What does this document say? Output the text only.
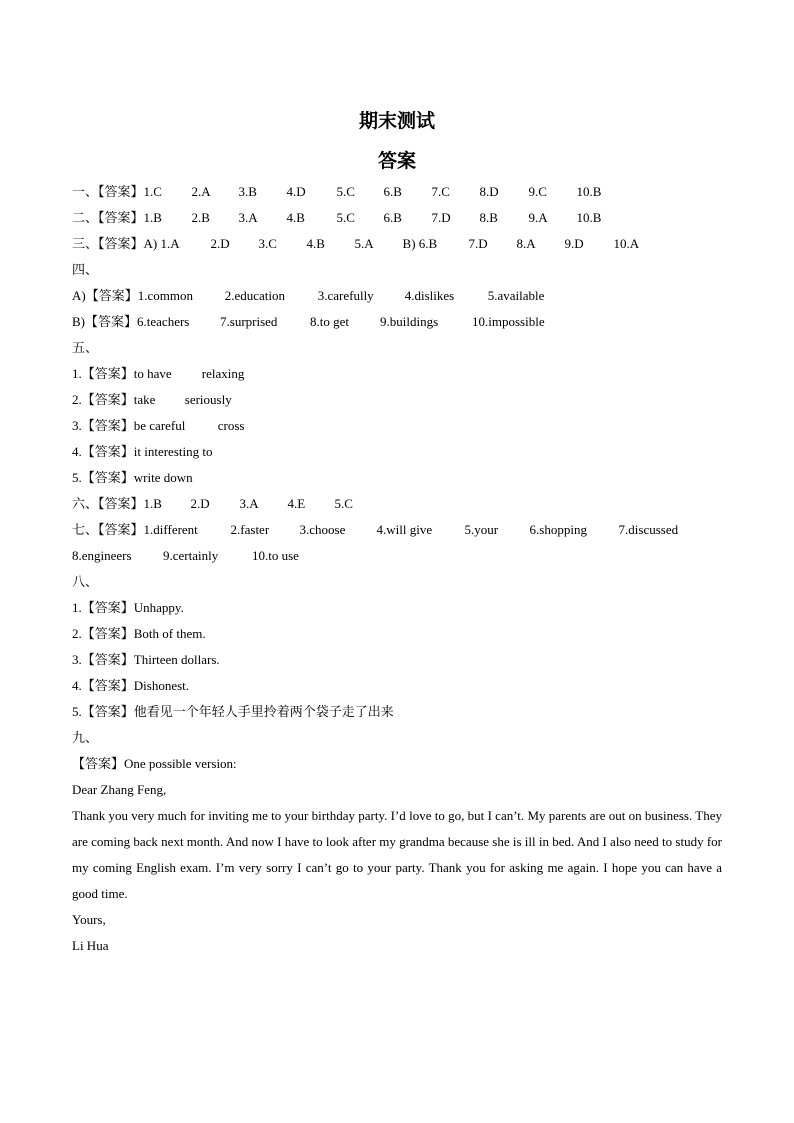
期末测试
答案
一、【答案】1.C 2.A 3.B 4.D 5.C 6.B 7.C 8.D 9.C 10.B
二、【答案】1.B 2.B 3.A 4.B 5.C 6.B 7.D 8.B 9.A 10.B
三、【答案】A) 1.A 2.D 3.C 4.B 5.A B) 6.B 7.D 8.A 9.D 10.A
四、
A)【答案】1.common 2.education	3.carefully 4.dislikes	5.available
B)【答案】6.teachers 7.surprised	8.to get 9.buildings	10.impossible
五、
1.【答案】to have relaxing
2.【答案】take seriously
3.【答案】be careful cross
4.【答案】it interesting to
5.【答案】write down
六、【答案】1.B 2.D 3.A 4.E 5.C
七、【答案】1.different	2.faster 3.choose 4.will give 5.your 6.shopping 7.discussed
8.engineers 9.certainly	10.to use
八、
1.【答案】Unhappy.
2.【答案】Both of them.
3.【答案】Thirteen dollars.
4.【答案】Dishonest.
5.【答案】他看见一个年轻人手里拎着两个袋子走了出来
九、
【答案】One possible version:
Dear Zhang Feng,
Thank you very much for inviting me to your birthday party. I’d love to go, but I can’t. My parents are out on business. They are coming back next month. And now I have to look after my grandma because she is ill in bed. And I also need to study for my coming English exam. I’m very sorry I can’t go to your party. Thank you for asking me again. I hope you can have a good time.
Yours,
Li Hua
